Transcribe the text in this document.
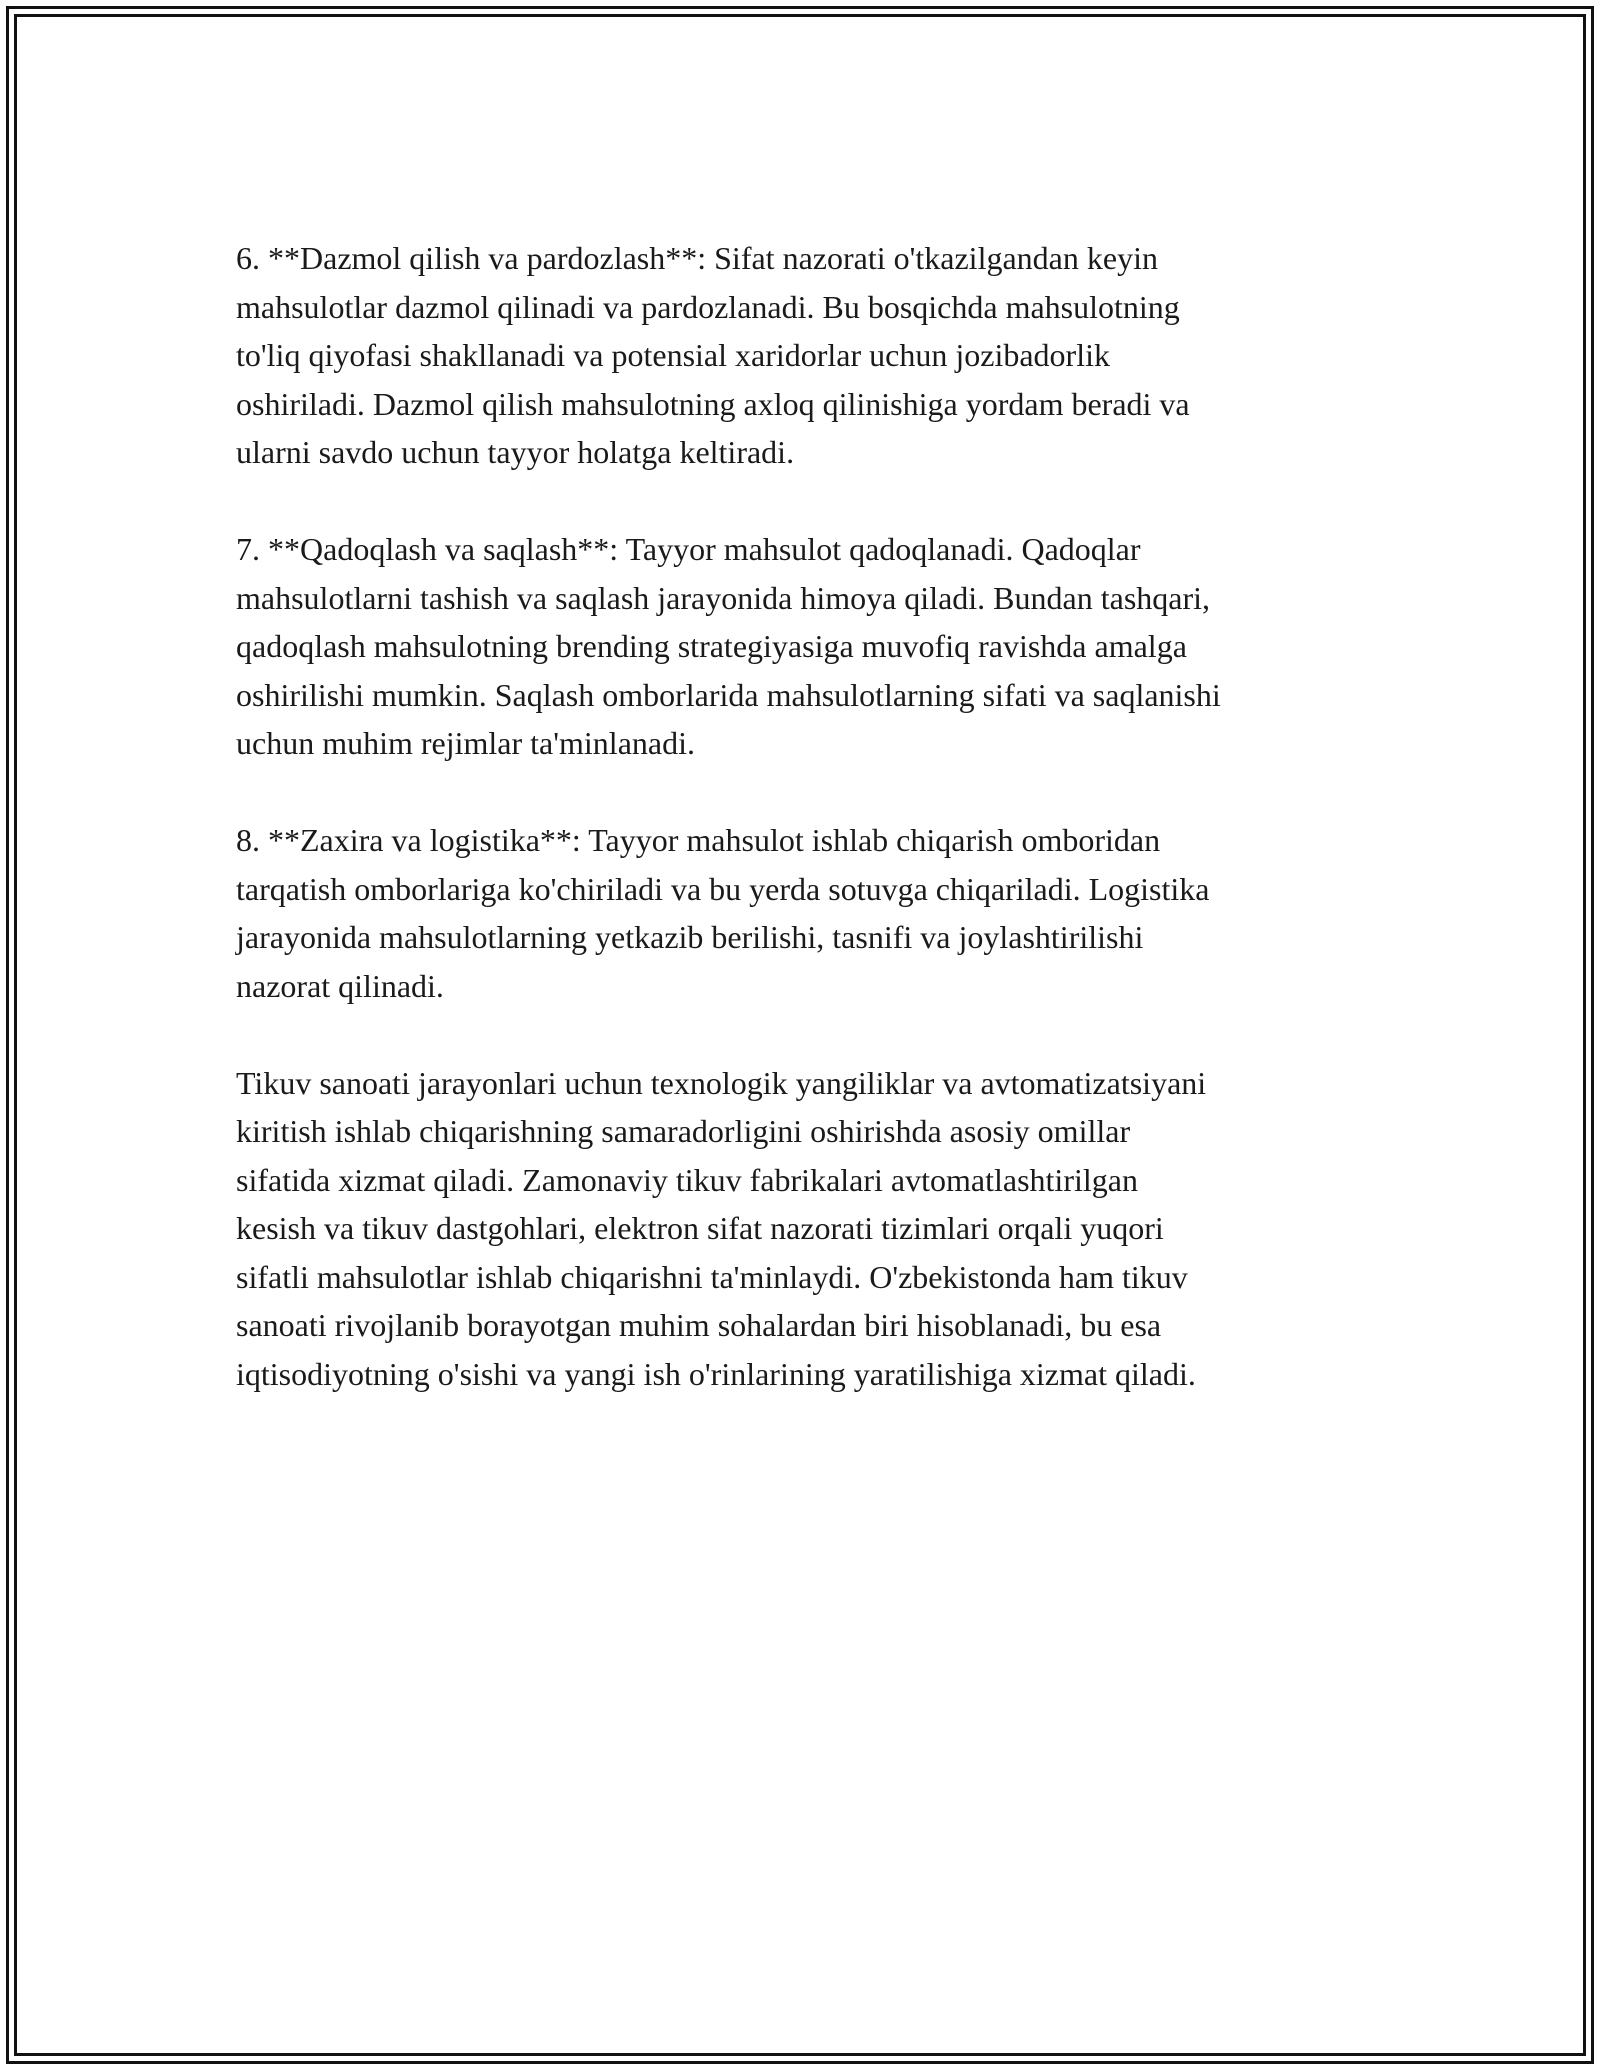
6. **Dazmol qilish va pardozlash**: Sifat nazorati o'tkazilgandan keyin
mahsulotlar dazmol qilinadi va pardozlanadi. Bu bosqichda mahsulotning
to'liq qiyofasi shakllanadi va potensial xaridorlar uchun jozibadorlik
oshiriladi. Dazmol qilish mahsulotning axloq qilinishiga yordam beradi va
ularni savdo uchun tayyor holatga keltiradi.

7. **Qadoqlash va saqlash**: Tayyor mahsulot qadoqlanadi. Qadoqlar
mahsulotlarni tashish va saqlash jarayonida himoya qiladi. Bundan tashqari,
qadoqlash mahsulotning brending strategiyasiga muvofiq ravishda amalga
oshirilishi mumkin. Saqlash omborlarida mahsulotlarning sifati va saqlanishi
uchun muhim rejimlar ta'minlanadi.

8. **Zaxira va logistika**: Tayyor mahsulot ishlab chiqarish omboridan
tarqatish omborlariga ko'chiriladi va bu yerda sotuvga chiqariladi. Logistika
jarayonida mahsulotlarning yetkazib berilishi, tasnifi va joylashtirilishi
nazorat qilinadi.

Tikuv sanoati jarayonlari uchun texnologik yangiliklar va avtomatizatsiyani
kiritish ishlab chiqarishning samaradorligini oshirishda asosiy omillar
sifatida xizmat qiladi. Zamonaviy tikuv fabrikalari avtomatlashtirilgan
kesish va tikuv dastgohlari, elektron sifat nazorati tizimlari orqali yuqori
sifatli mahsulotlar ishlab chiqarishni ta'minlaydi. O'zbekistonda ham tikuv
sanoati rivojlanib borayotgan muhim sohalardan biri hisoblanadi, bu esa
iqtisodiyotning o'sishi va yangi ish o'rinlarining yaratilishiga xizmat qiladi.
